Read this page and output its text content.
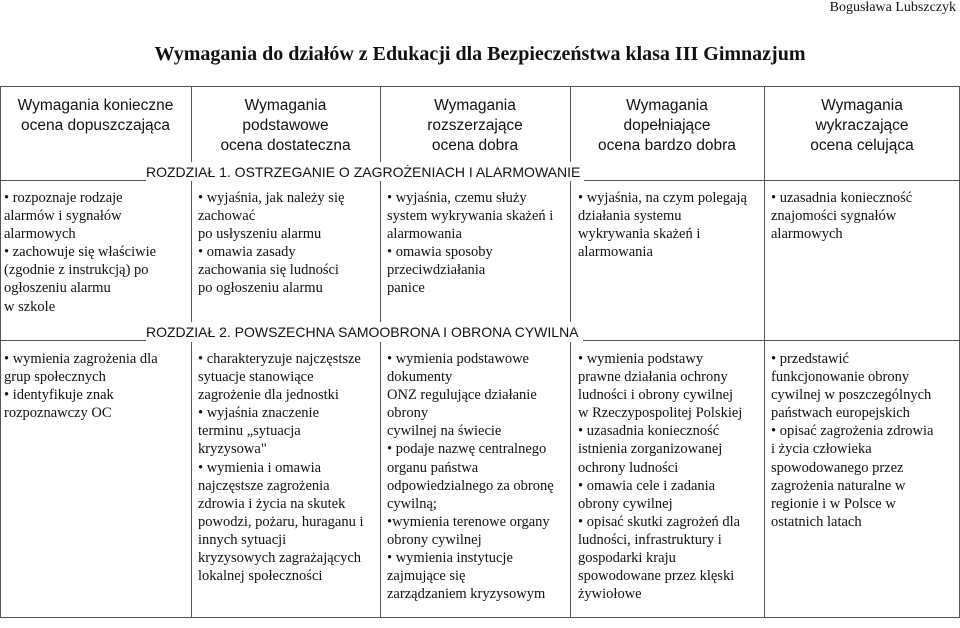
Bogusława Lubszczyk
Wymagania do działów z Edukacji dla Bezpieczeństwa klasa III Gimnazjum
Wymagania konieczne
ocena dopuszczająca
Wymagania
podstawowe
ocena dostateczna
Wymagania
rozszerzające
ocena dobra
Wymagania
dopełniające
ocena bardzo dobra
Wymagania
wykraczające
ocena celująca
ROZDZIAŁ 1. OSTRZEGANIE O ZAGROŻENIACH I ALARMOWANIE
ROZDZIAŁ 2. POWSZECHNA SAMOOBRONA I OBRONA CYWILNA
• rozpoznaje rodzaje
alarmów i sygnałów
alarmowych
• zachowuje się właściwie
(zgodnie z instrukcją) po
ogłoszeniu alarmu
w szkole
• wyjaśnia, jak należy się
zachować
po usłyszeniu alarmu
• omawia zasady
zachowania się ludności
po ogłoszeniu alarmu
• wyjaśnia, czemu służy
system wykrywania skażeń i
alarmowania
• omawia sposoby
przeciwdziałania
panice
• wyjaśnia, na czym polegają
działania systemu
wykrywania skażeń i
alarmowania
• uzasadnia konieczność
znajomości sygnałów
alarmowych
• wymienia zagrożenia dla
grup społecznych
• identyfikuje znak
rozpoznawczy OC
• charakteryzuje najczęstsze
sytuacje stanowiące
zagrożenie dla jednostki
• wyjaśnia znaczenie
terminu „sytuacja
kryzysowa"
• wymienia i omawia
najczęstsze zagrożenia
zdrowia i życia na skutek
powodzi, pożaru, huraganu i
innych sytuacji
kryzysowych zagrażających
lokalnej społeczności
• wymienia podstawowe
dokumenty
ONZ regulujące działanie
obrony
cywilnej na świecie
• podaje nazwę centralnego
organu państwa
odpowiedzialnego za obronę
cywilną;
•wymienia terenowe organy
obrony cywilnej
• wymienia instytucje
zajmujące się
zarządzaniem kryzysowym
• wymienia podstawy
prawne działania ochrony
ludności i obrony cywilnej
w Rzeczypospolitej Polskiej
• uzasadnia konieczność
istnienia zorganizowanej
ochrony ludności
• omawia cele i zadania
obrony cywilnej
• opisać skutki zagrożeń dla
ludności, infrastruktury i
gospodarki kraju
spowodowane przez klęski
żywiołowe
• przedstawić
funkcjonowanie obrony
cywilnej w poszczególnych
państwach europejskich
• opisać zagrożenia zdrowia
i życia człowieka
spowodowanego przez
zagrożenia naturalne w
regionie i w Polsce w
ostatnich latach
